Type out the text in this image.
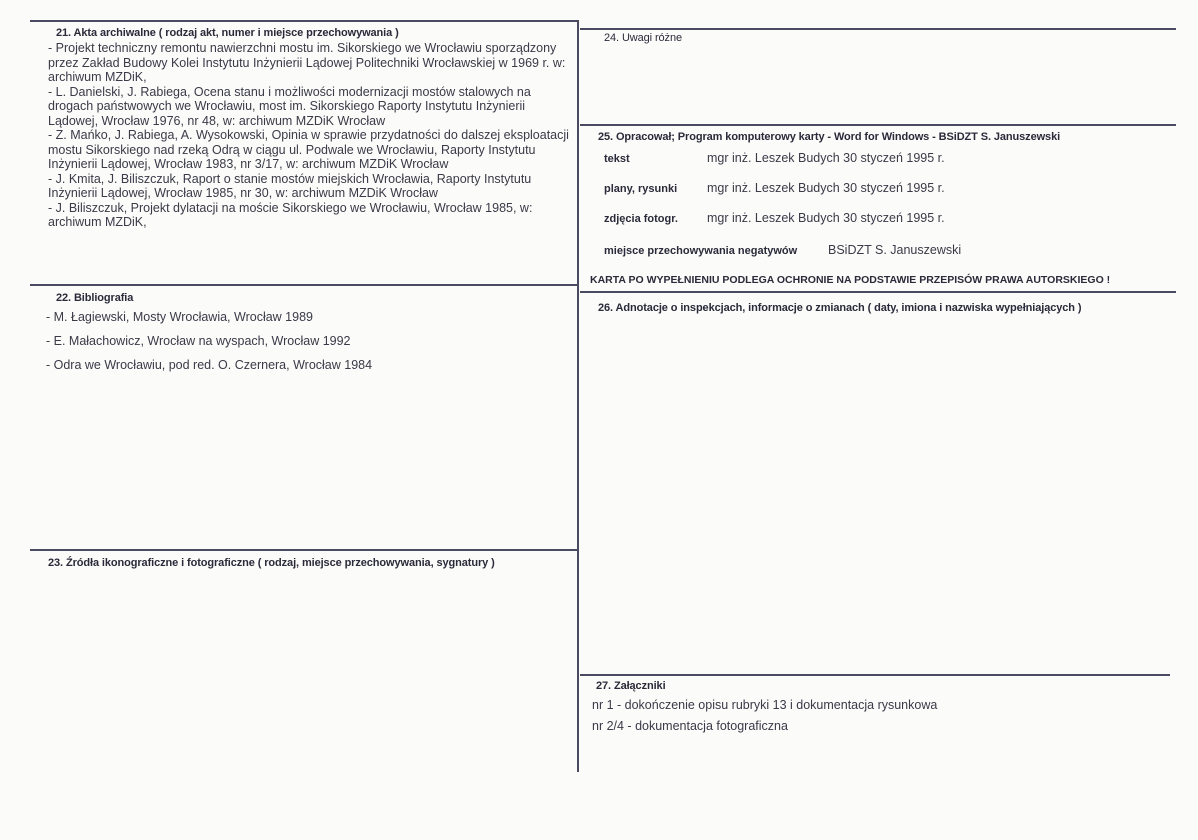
21. Akta archiwalne ( rodzaj akt, numer i miejsce przechowywania )

- Projekt techniczny remontu nawierzchni mostu im. Sikorskiego we Wrocławiu sporządzony przez Zakład Budowy Kolei Instytutu Inżynierii Lądowej Politechniki Wrocławskiej w 1969 r. w: archiwum MZDiK,

- L. Danielski, J. Rabiega, Ocena stanu i możliwości modernizacji mostów stalowych na drogach państwowych we Wrocławiu, most im. Sikorskiego Raporty Instytutu Inżynierii Lądowej, Wrocław 1976, nr 48, w: archiwum MZDiK Wrocław

- Z. Mańko, J. Rabiega, A. Wysokowski, Opinia w sprawie przydatności do dalszej eksploatacji mostu Sikorskiego nad rzeką Odrą w ciągu ul. Podwale we Wrocławiu, Raporty Instytutu Inżynierii Lądowej, Wrocław 1983, nr 3/17, w: archiwum MZDiK Wrocław

- J. Kmita, J. Biliszczuk, Raport o stanie mostów miejskich Wrocławia, Raporty Instytutu Inżynierii Lądowej, Wrocław 1985, nr 30, w: archiwum MZDiK Wrocław

- J. Biliszczuk, Projekt dylatacji na moście Sikorskiego we Wrocławiu, Wrocław 1985, w: archiwum MZDiK,

22. Bibliografia
- M. Łagiewski, Mosty Wrocławia, Wrocław 1989
- E. Małachowicz, Wrocław na wyspach, Wrocław 1992
- Odra we Wrocławiu, pod red. O. Czernera, Wrocław 1984
23. Źródła ikonograficzne i fotograficzne ( rodzaj, miejsce przechowywania, sygnatury )
24. Uwagi różne
25. Opracował; Program komputerowy karty - Word for Windows - BSiDZT S. Januszewski
tekst	mgr inż. Leszek Budych 30 styczeń 1995 r.
plany, rysunki mgr inż. Leszek Budych 30 styczeń 1995 r.
zdjęcia fotogr. mgr inż. Leszek Budych 30 styczeń 1995 r.
miejsce przechowywania negatywów BSiDZT S. Januszewski
KARTA PO WYPEŁNIENIU PODLEGA OCHRONIE NA PODSTAWIE PRZEPISÓW PRAWA AUTORSKIEGO !
26. Adnotacje o inspekcjach, informacje o zmianach ( daty, imiona i nazwiska wypełniających )
27. Załączniki
nr 1 - dokończenie opisu rubryki 13 i dokumentacja rysunkowa
nr 2/4 - dokumentacja fotograficzna
